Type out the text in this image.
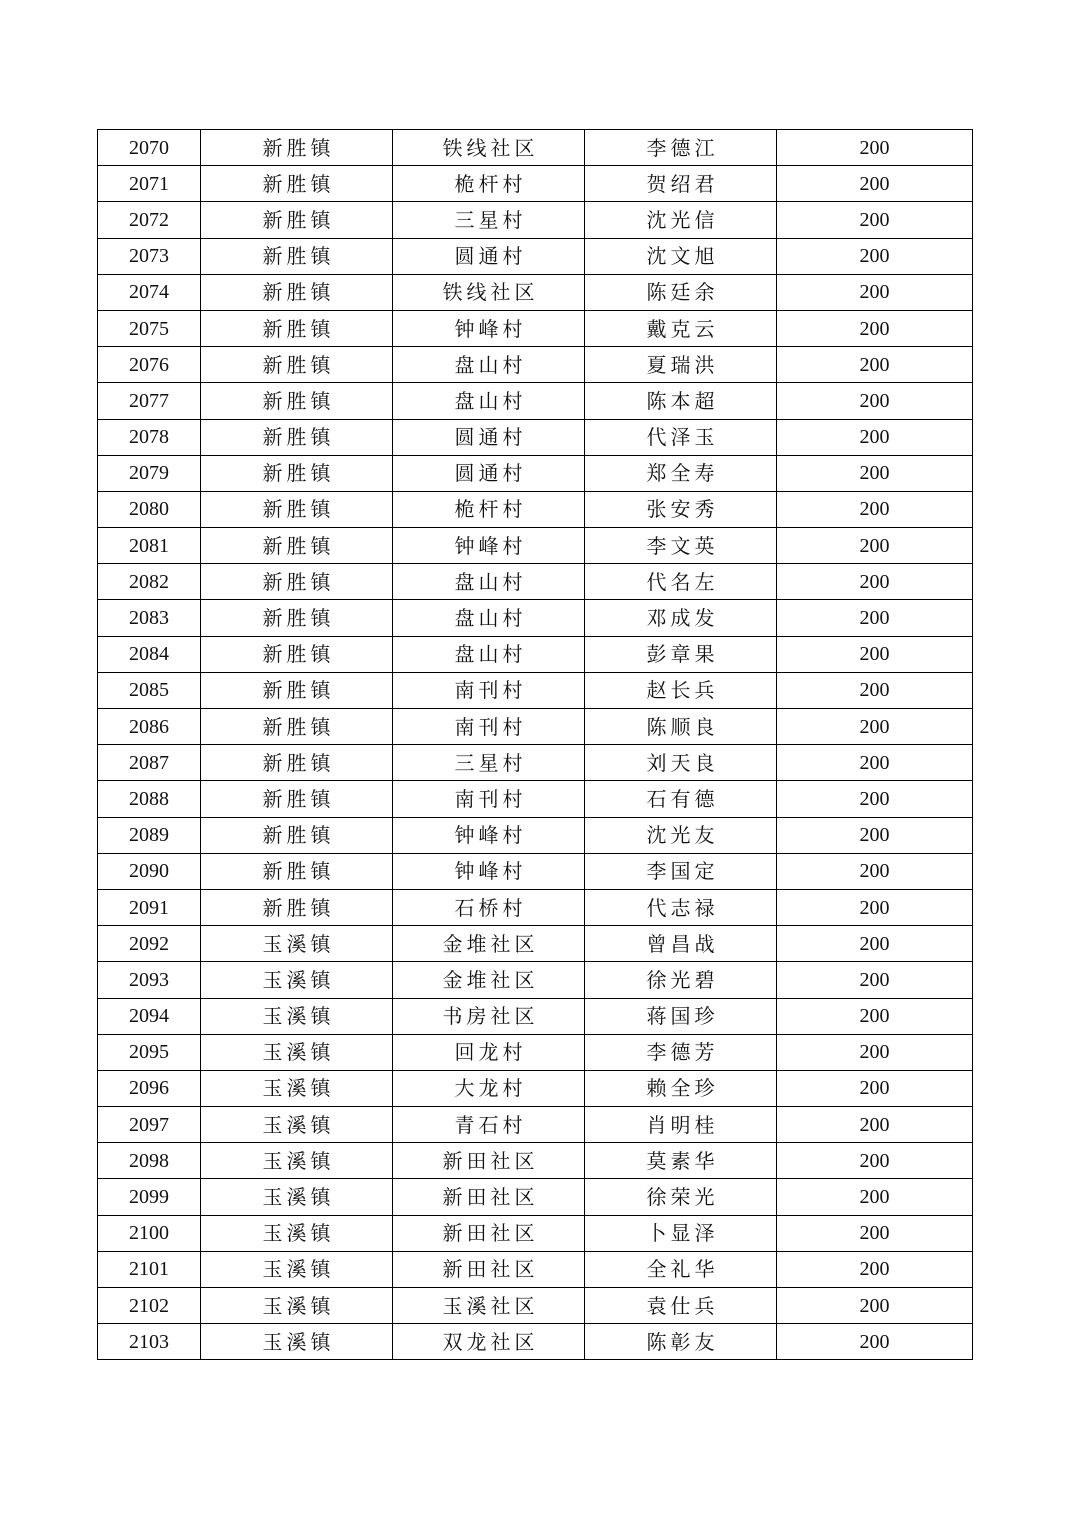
2070	新胜镇	铁线社区	李德江	200
2071	新胜镇	桅杆村	贺绍君	200
2072	新胜镇	三星村	沈光信	200
2073	新胜镇	圆通村	沈文旭	200
2074	新胜镇	铁线社区	陈廷余	200
2075	新胜镇	钟峰村	戴克云	200
2076	新胜镇	盘山村	夏瑞洪	200
2077	新胜镇	盘山村	陈本超	200
2078	新胜镇	圆通村	代泽玉	200
2079	新胜镇	圆通村	郑全寿	200
2080	新胜镇	桅杆村	张安秀	200
2081	新胜镇	钟峰村	李文英	200
2082	新胜镇	盘山村	代名左	200
2083	新胜镇	盘山村	邓成发	200
2084	新胜镇	盘山村	彭章果	200
2085	新胜镇	南刊村	赵长兵	200
2086	新胜镇	南刊村	陈顺良	200
2087	新胜镇	三星村	刘天良	200
2088	新胜镇	南刊村	石有德	200
2089	新胜镇	钟峰村	沈光友	200
2090	新胜镇	钟峰村	李国定	200
2091	新胜镇	石桥村	代志禄	200
2092	玉溪镇	金堆社区	曾昌战	200
2093	玉溪镇	金堆社区	徐光碧	200
2094	玉溪镇	书房社区	蒋国珍	200
2095	玉溪镇	回龙村	李德芳	200
2096	玉溪镇	大龙村	赖全珍	200
2097	玉溪镇	青石村	肖明桂	200
2098	玉溪镇	新田社区	莫素华	200
2099	玉溪镇	新田社区	徐荣光	200
2100	玉溪镇	新田社区	卜显泽	200
2101	玉溪镇	新田社区	全礼华	200
2102	玉溪镇	玉溪社区	袁仕兵	200
2103	玉溪镇	双龙社区	陈彰友	200
